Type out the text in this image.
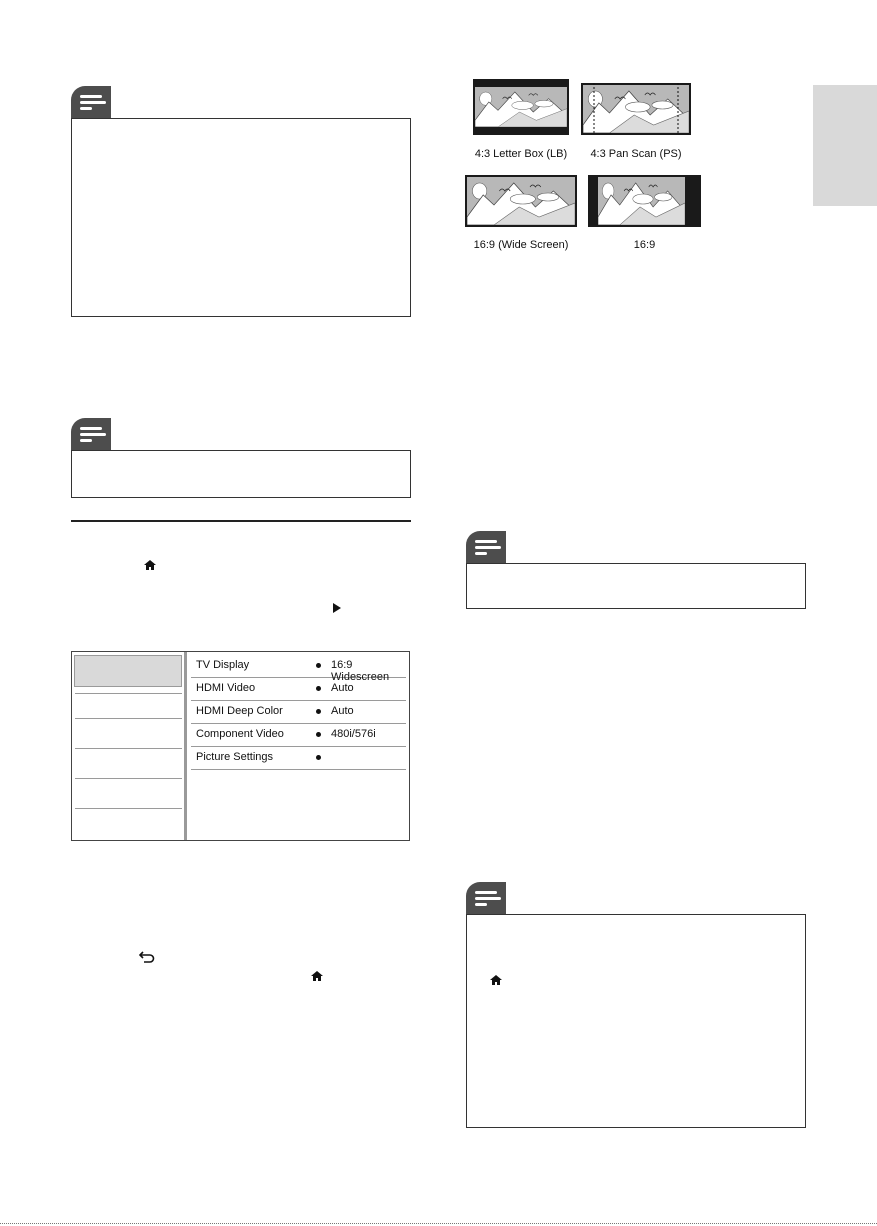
TV Display	16:9 Widescreen
HDMI Video	Auto
HDMI Deep Color	Auto
Component Video	480i/576i
Picture Settings
4:3 Letter Box (LB)	4:3 Pan Scan (PS)
16:9 (Wide Screen)	16:9
